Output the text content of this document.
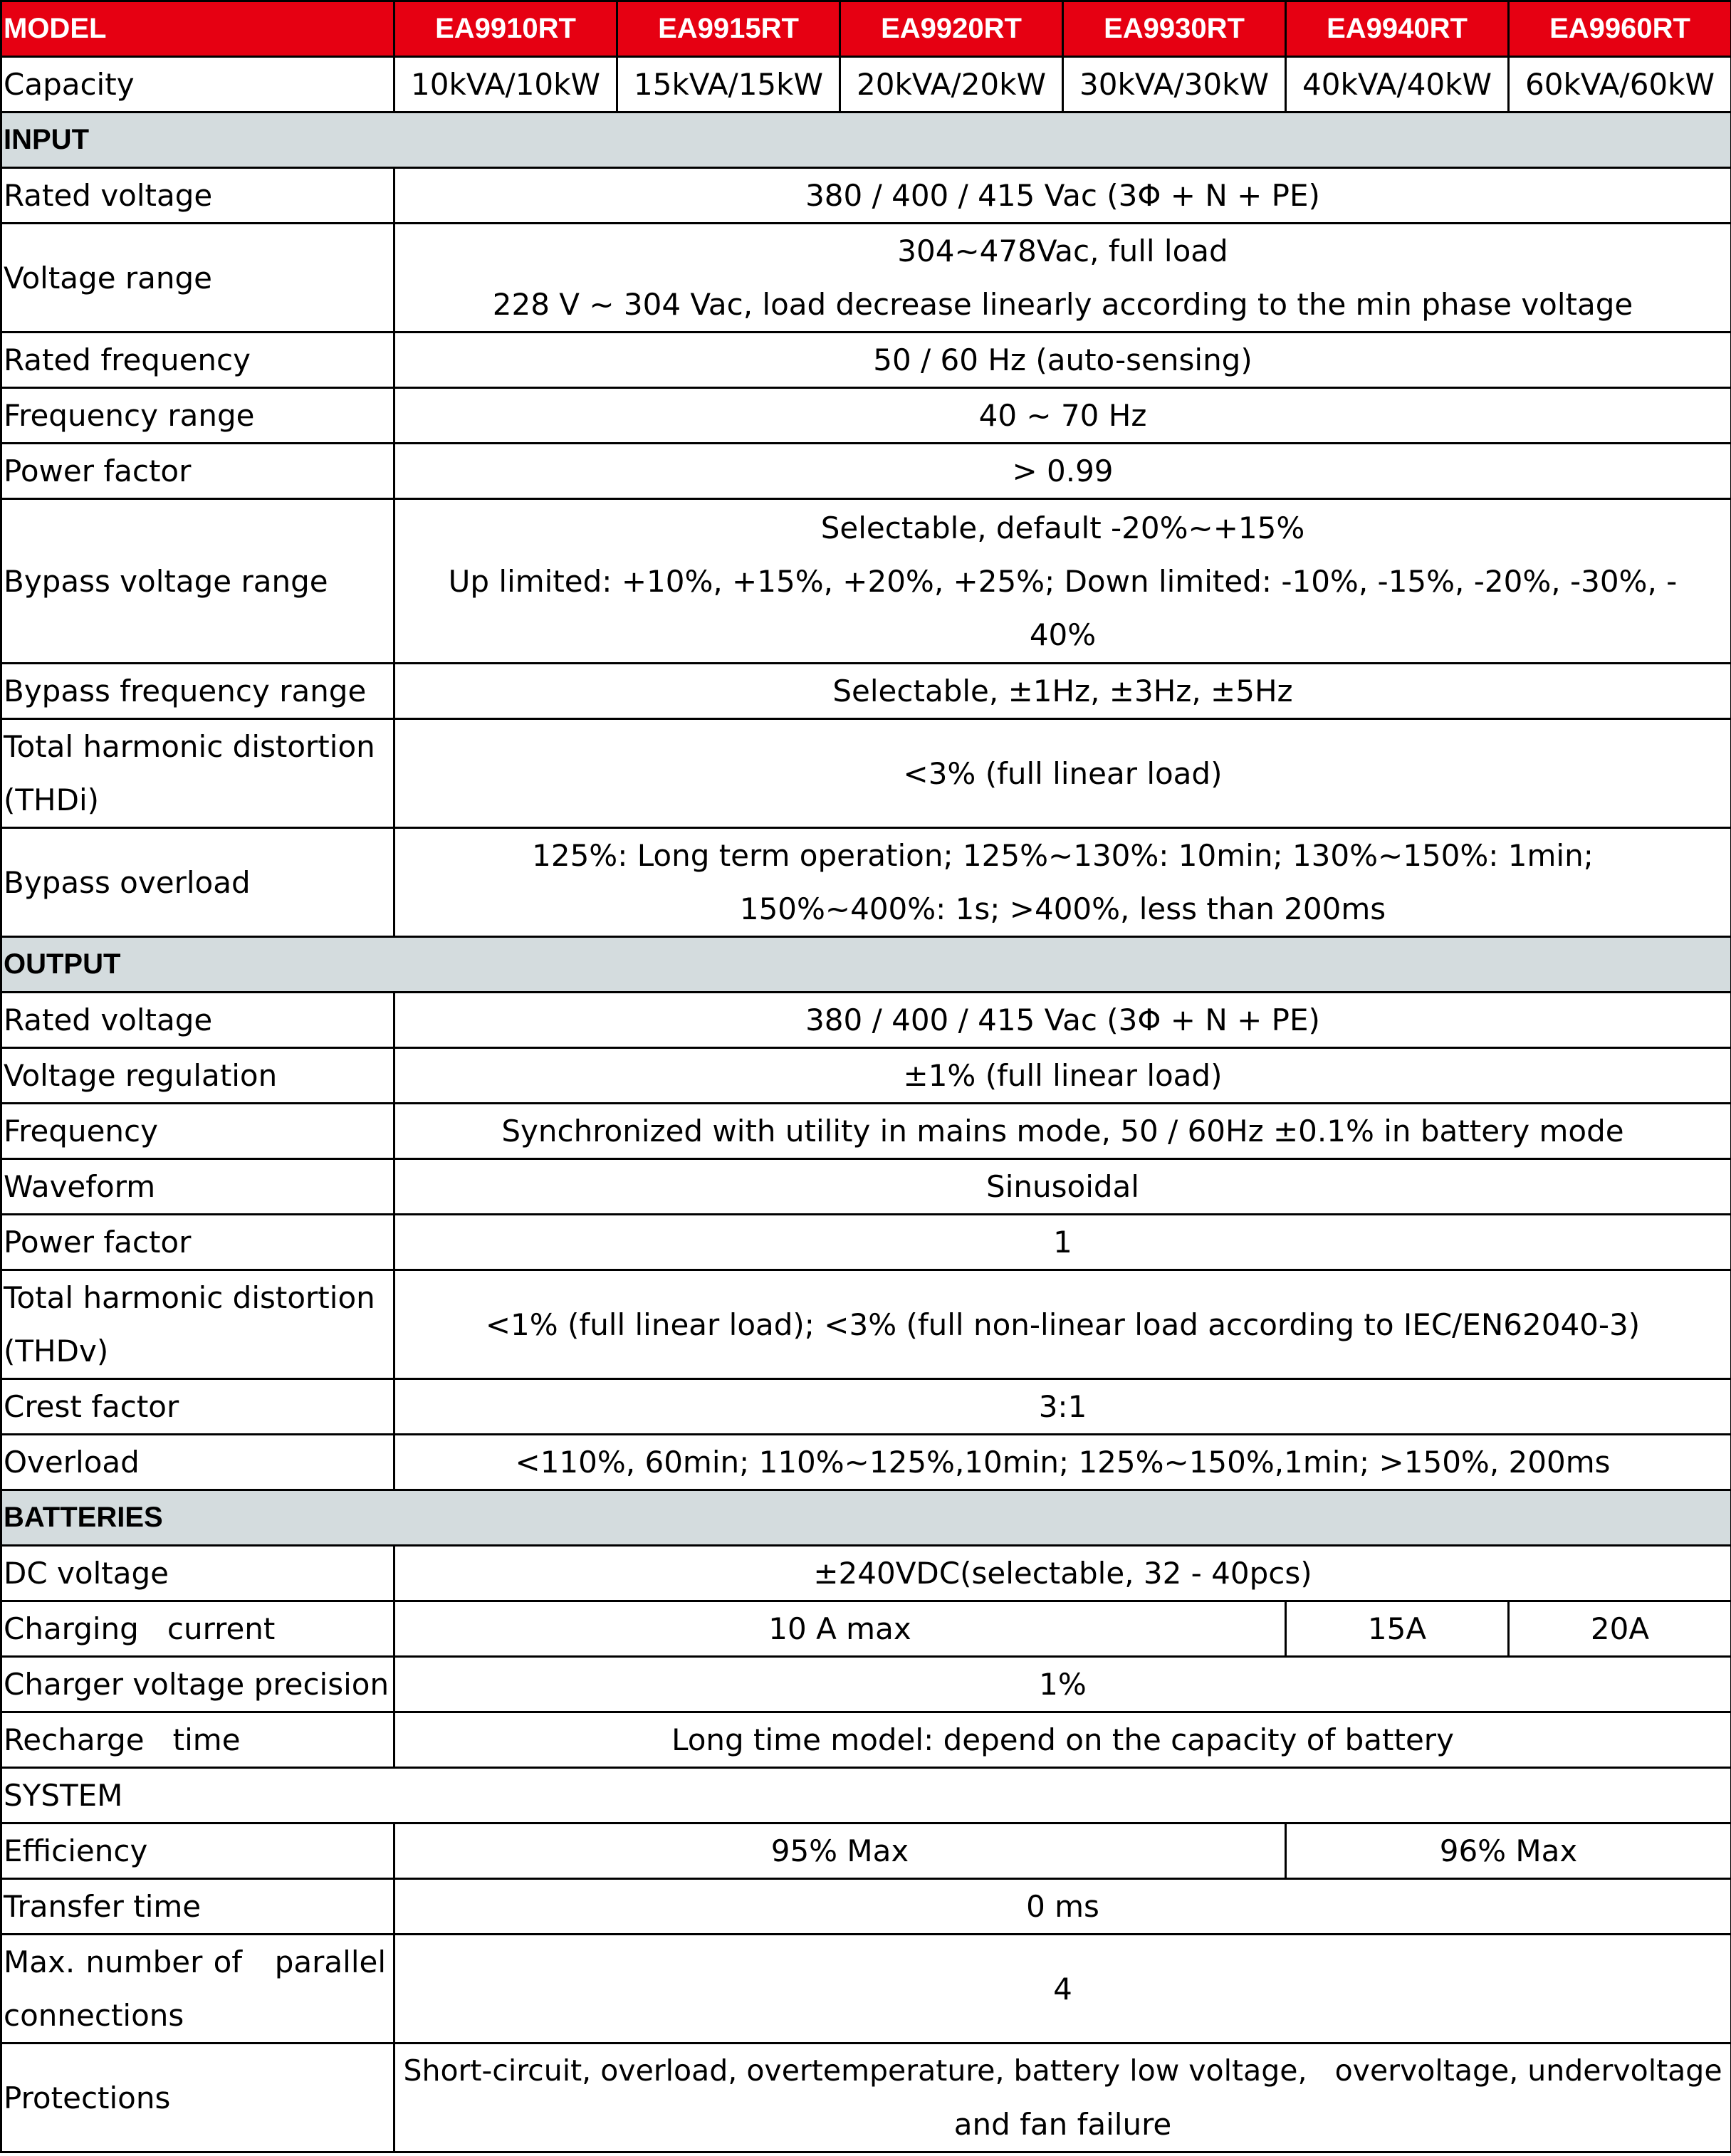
MODEL	EA9910RT	EA9915RT	EA9920RT	EA9930RT	EA9940RT	EA9960RT
Capacity	10kVA/10kW	15kVA/15kW	20kVA/20kW	30kVA/30kW	40kVA/40kW	60kVA/60kW
INPUT						
Rated voltage	380 / 400 / 415 Vac (3Φ + N + PE)					
Voltage range	304~478Vac, full load
228 V ~ 304 Vac, load decrease linearly according to the min phase voltage					

Rated frequency	50 / 60 Hz (auto-sensing)					
Frequency range	40 ~ 70 Hz					
Power factor	> 0.99					
Bypass voltage range	Selectable, default -20%~+15%
Up limited: +10%, +15%, +20%, +25%; Down limited: -10%, -15%, -20%, -30%, -
40%					

Bypass frequency range	Selectable, ±1Hz, ±3Hz, ±5Hz					

Total harmonic distortion
(THDi)	<3% (full linear load)					
Bypass overload	125%: Long term operation; 125%~130%: 10min; 130%~150%: 1min;
150%~400%: 1s; >400%, less than 200ms					

OUTPUT						
Rated voltage	380 / 400 / 415 Vac (3Φ + N + PE)					
Voltage regulation	±1% (full linear load)					
Frequency	Synchronized with utility in mains mode, 50 / 60Hz ±0.1% in battery mode					
Waveform	Sinusoidal					
Power factor	1					

Total harmonic distortion
(THDv)	<1% (full linear load); <3% (full non-linear load according to IEC/EN62040-3)					
Crest factor	3:1					
Overload	<110%, 60min; 110%~125%,10min; 125%~150%,1min; >150%, 200ms					
BATTERIES						
DC voltage	±240VDC(selectable, 32 - 40pcs)					
Charging   current	10 A max				15A	20A
Charger voltage precision	1%					
Recharge   time	Long time model: depend on the capacity of battery					
SYSTEM						
Efficiency	95% Max				96% Max	
Transfer time	0 ms					

Max. number of   parallel
connections	4					
Protections	Short-circuit, overload, overtemperature, battery low voltage,   overvoltage, undervoltage
and fan failure					
